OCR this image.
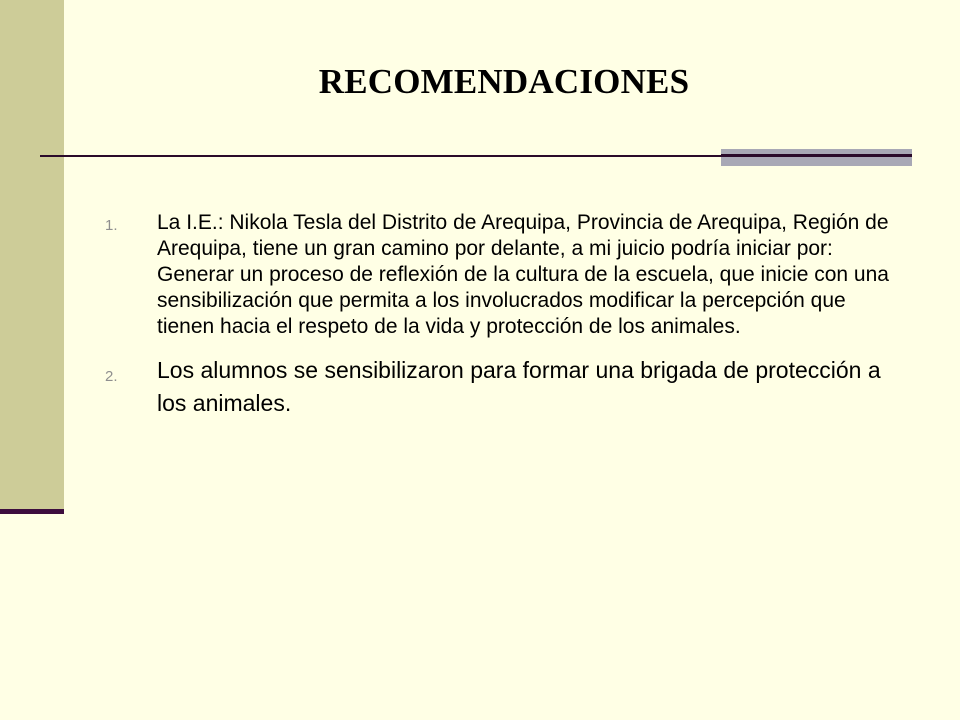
RECOMENDACIONES
1. La I.E.: Nikola Tesla del Distrito de Arequipa, Provincia de Arequipa, Región de Arequipa, tiene un gran camino por delante, a mi juicio podría iniciar por: Generar un proceso de reflexión de la cultura de la escuela, que inicie con una sensibilización que permita a los involucrados modificar la percepción que tienen hacia el respeto de la vida y protección de los animales.
2. Los alumnos se sensibilizaron para formar una brigada de protección a los animales.
